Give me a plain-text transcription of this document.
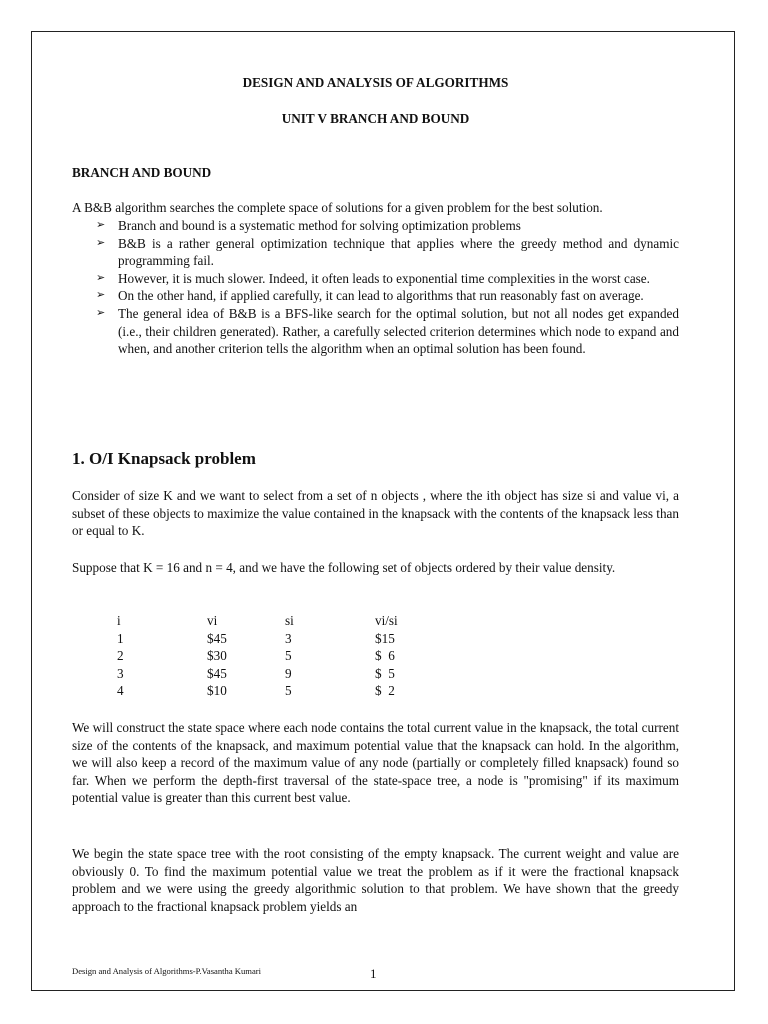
DESIGN AND ANALYSIS OF ALGORITHMS
UNIT V BRANCH AND BOUND
BRANCH AND BOUND
A B&B algorithm searches the complete space of solutions for a given problem for the best solution.
➢ Branch and bound is a systematic method for solving optimization problems
➢ B&B is a rather general optimization technique that applies where the greedy method and dynamic programming fail.
➢ However, it is much slower. Indeed, it often leads to exponential time complexities in the worst case.
➢ On the other hand, if applied carefully, it can lead to algorithms that run reasonably fast on average.
➢ The general idea of B&B is a BFS-like search for the optimal solution, but not all nodes get expanded (i.e., their children generated). Rather, a carefully selected criterion determines which node to expand and when, and another criterion tells the algorithm when an optimal solution has been found.
1. O/I Knapsack problem
Consider of size K and we want to select from a set of n objects , where the ith object has size si and value vi, a subset of these objects to maximize the value contained in the knapsack with the contents of the knapsack less than or equal to K.
Suppose that K = 16 and n = 4, and we have the following set of objects ordered by their value density.
i	vi	si	vi/si
1	$45	3	$15
2	$30	5	$  6
3	$45	9	$  5
4	$10	5	$  2
We will construct the state space where each node contains the total current value in the knapsack, the total current size of the contents of the knapsack, and maximum potential value that the knapsack can hold. In the algorithm, we will also keep a record of the maximum value of any node (partially or completely filled knapsack) found so far. When we perform the depth-first traversal of the state-space tree, a node is "promising" if its maximum potential value is greater than this current best value.
We begin the state space tree with the root consisting of the empty knapsack. The current weight and value are obviously 0. To find the maximum potential value we treat the problem as if it were the fractional knapsack problem and we were using the greedy algorithmic solution to that problem. We have shown that the greedy approach to the fractional knapsack problem yields an
Design and Analysis of Algorithms-P.Vasantha Kumari	1
